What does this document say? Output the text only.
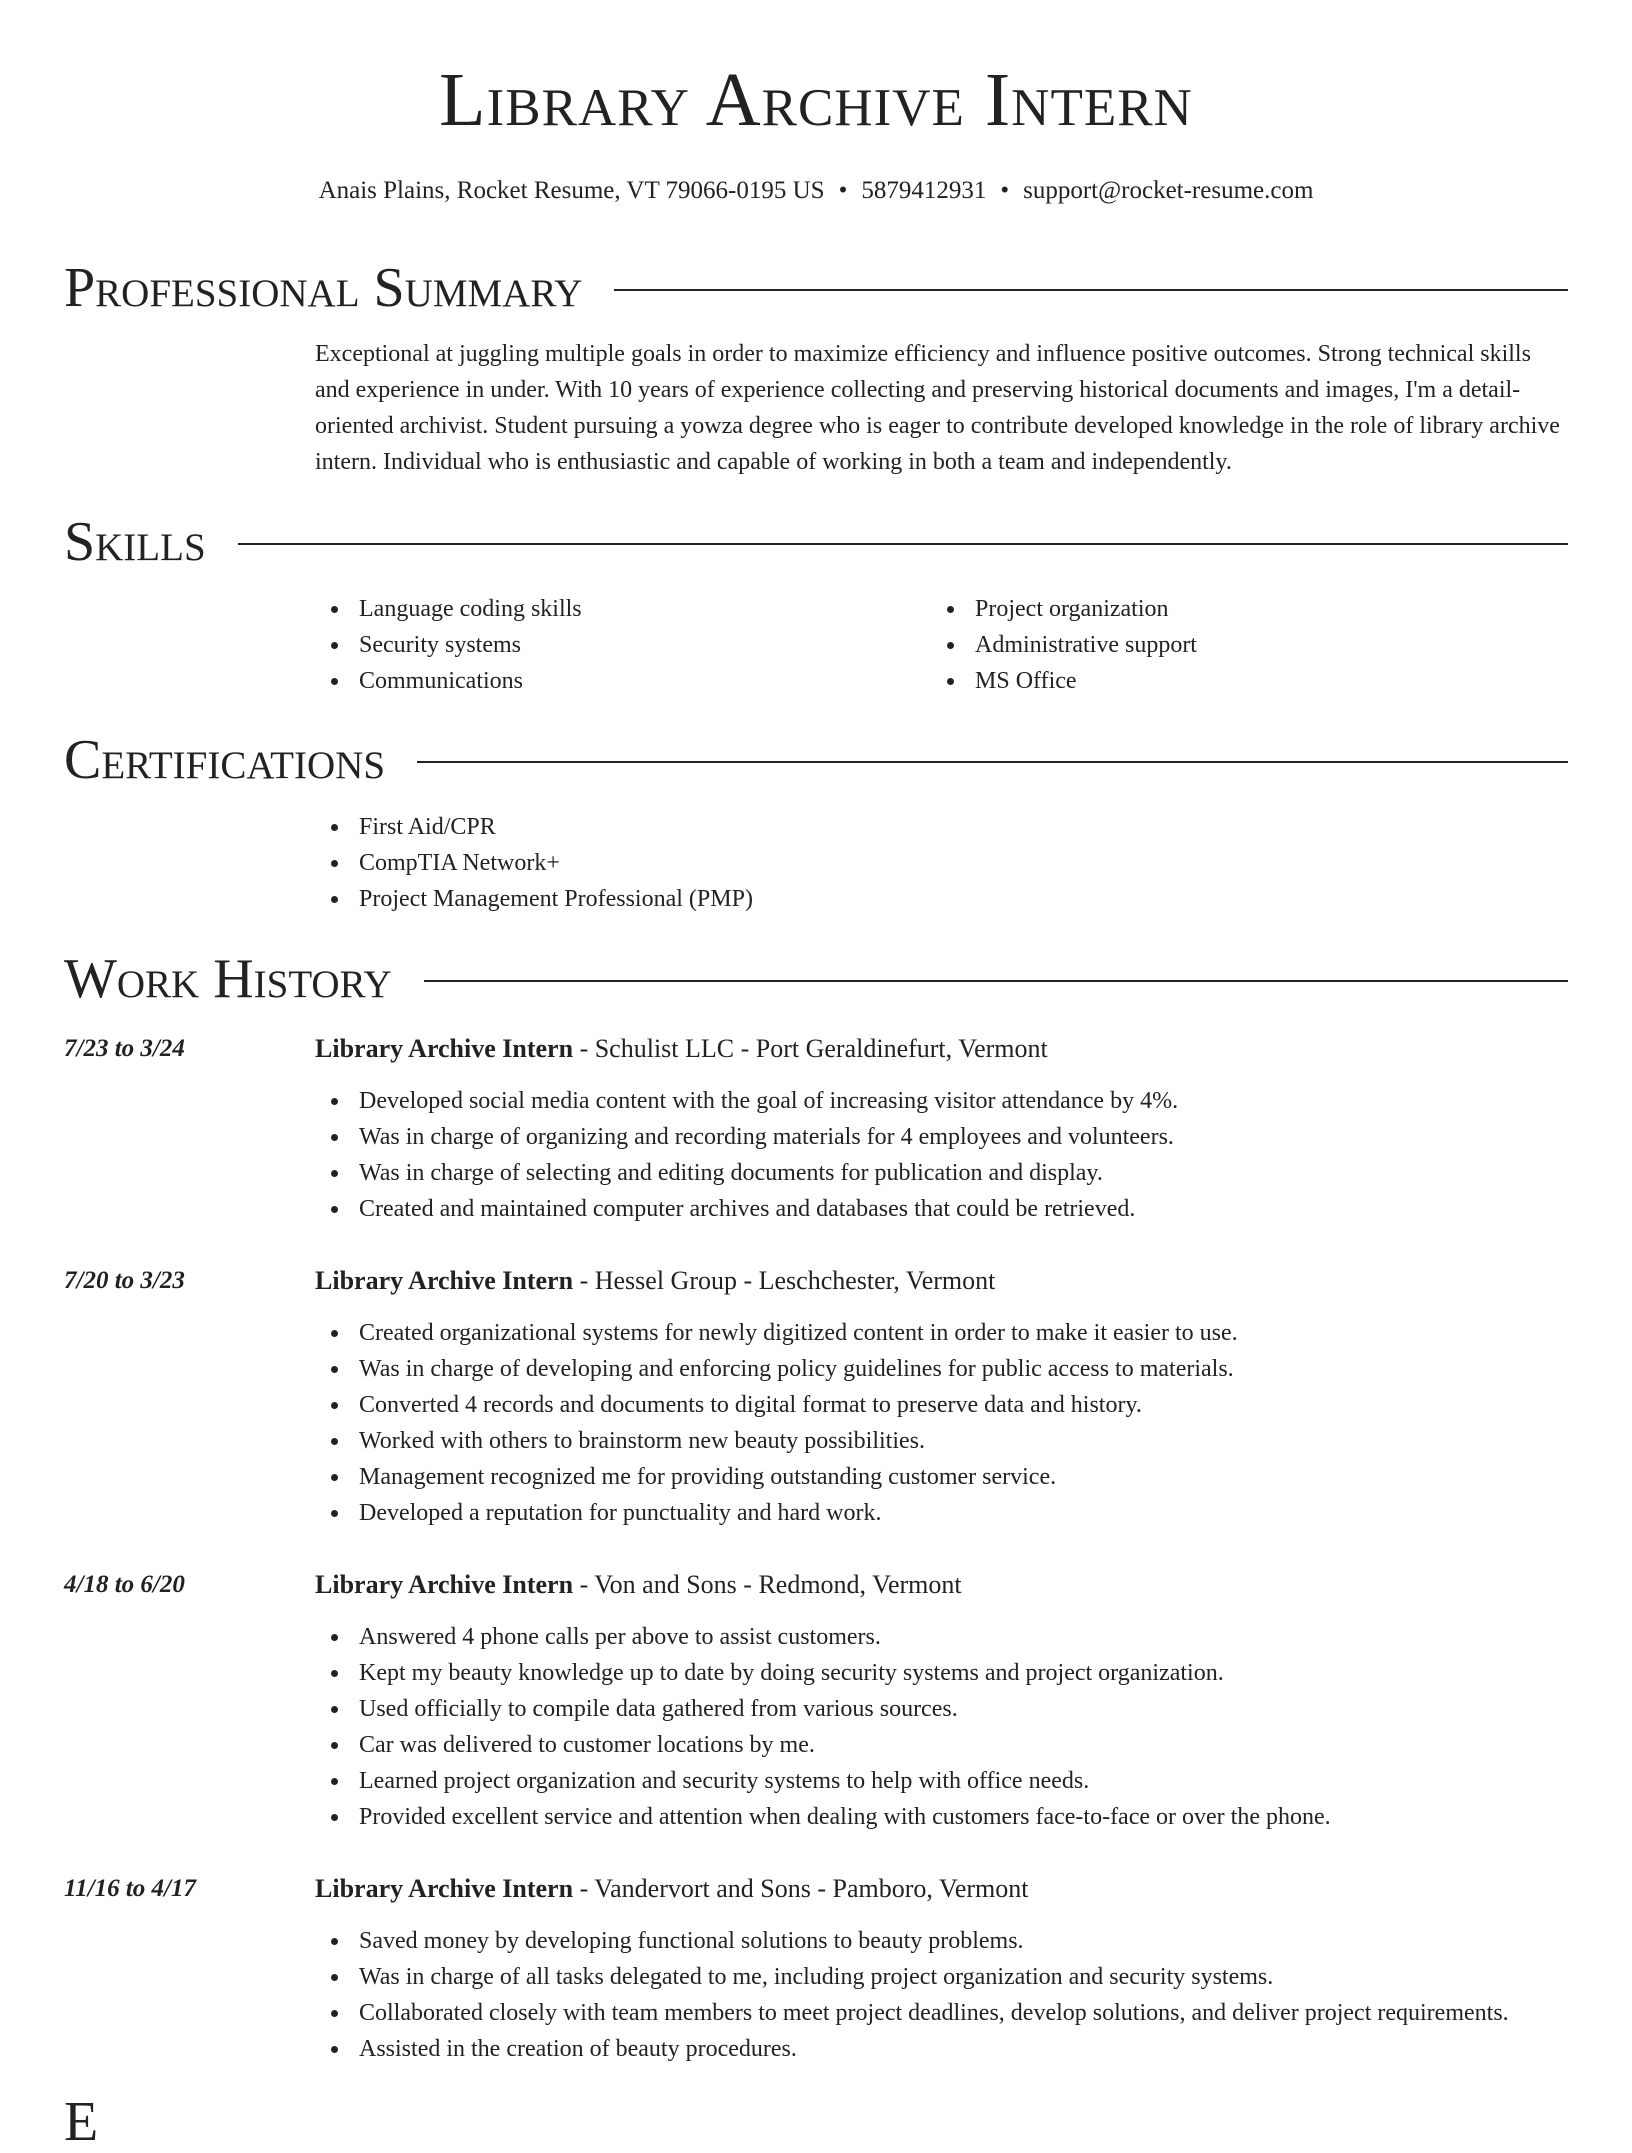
Library Archive Intern
Anais Plains, Rocket Resume, VT 79066-0195 US • 5879412931 • support@rocket-resume.com
Professional Summary

Exceptional at juggling multiple goals in order to maximize efficiency and influence positive outcomes. Strong technical skills and experience in under. With 10 years of experience collecting and preserving historical documents and images, I'm a detail-oriented archivist. Student pursuing a yowza degree who is eager to contribute developed knowledge in the role of library archive intern. Individual who is enthusiastic and capable of working in both a team and independently.

Skills
Language coding skills
Security systems
Communications
Project organization
Administrative support
MS Office
Certifications
First Aid/CPR
CompTIA Network+
Project Management Professional (PMP)
Work History
7/23 to 3/24	Library Archive Intern - Schulist LLC - Port Geraldinefurt, Vermont
Developed social media content with the goal of increasing visitor attendance by 4%.
Was in charge of organizing and recording materials for 4 employees and volunteers.
Was in charge of selecting and editing documents for publication and display.
Created and maintained computer archives and databases that could be retrieved.
7/20 to 3/23	Library Archive Intern - Hessel Group - Leschchester, Vermont
Created organizational systems for newly digitized content in order to make it easier to use.
Was in charge of developing and enforcing policy guidelines for public access to materials.
Converted 4 records and documents to digital format to preserve data and history.
Worked with others to brainstorm new beauty possibilities.
Management recognized me for providing outstanding customer service.
Developed a reputation for punctuality and hard work.
4/18 to 6/20	Library Archive Intern - Von and Sons - Redmond, Vermont
Answered 4 phone calls per above to assist customers.
Kept my beauty knowledge up to date by doing security systems and project organization.
Used officially to compile data gathered from various sources.
Car was delivered to customer locations by me.
Learned project organization and security systems to help with office needs.
Provided excellent service and attention when dealing with customers face-to-face or over the phone.
11/16 to 4/17	Library Archive Intern - Vandervort and Sons - Pamboro, Vermont
Saved money by developing functional solutions to beauty problems.
Was in charge of all tasks delegated to me, including project organization and security systems.
Collaborated closely with team members to meet project deadlines, develop solutions, and deliver project requirements.
Assisted in the creation of beauty procedures.
E
